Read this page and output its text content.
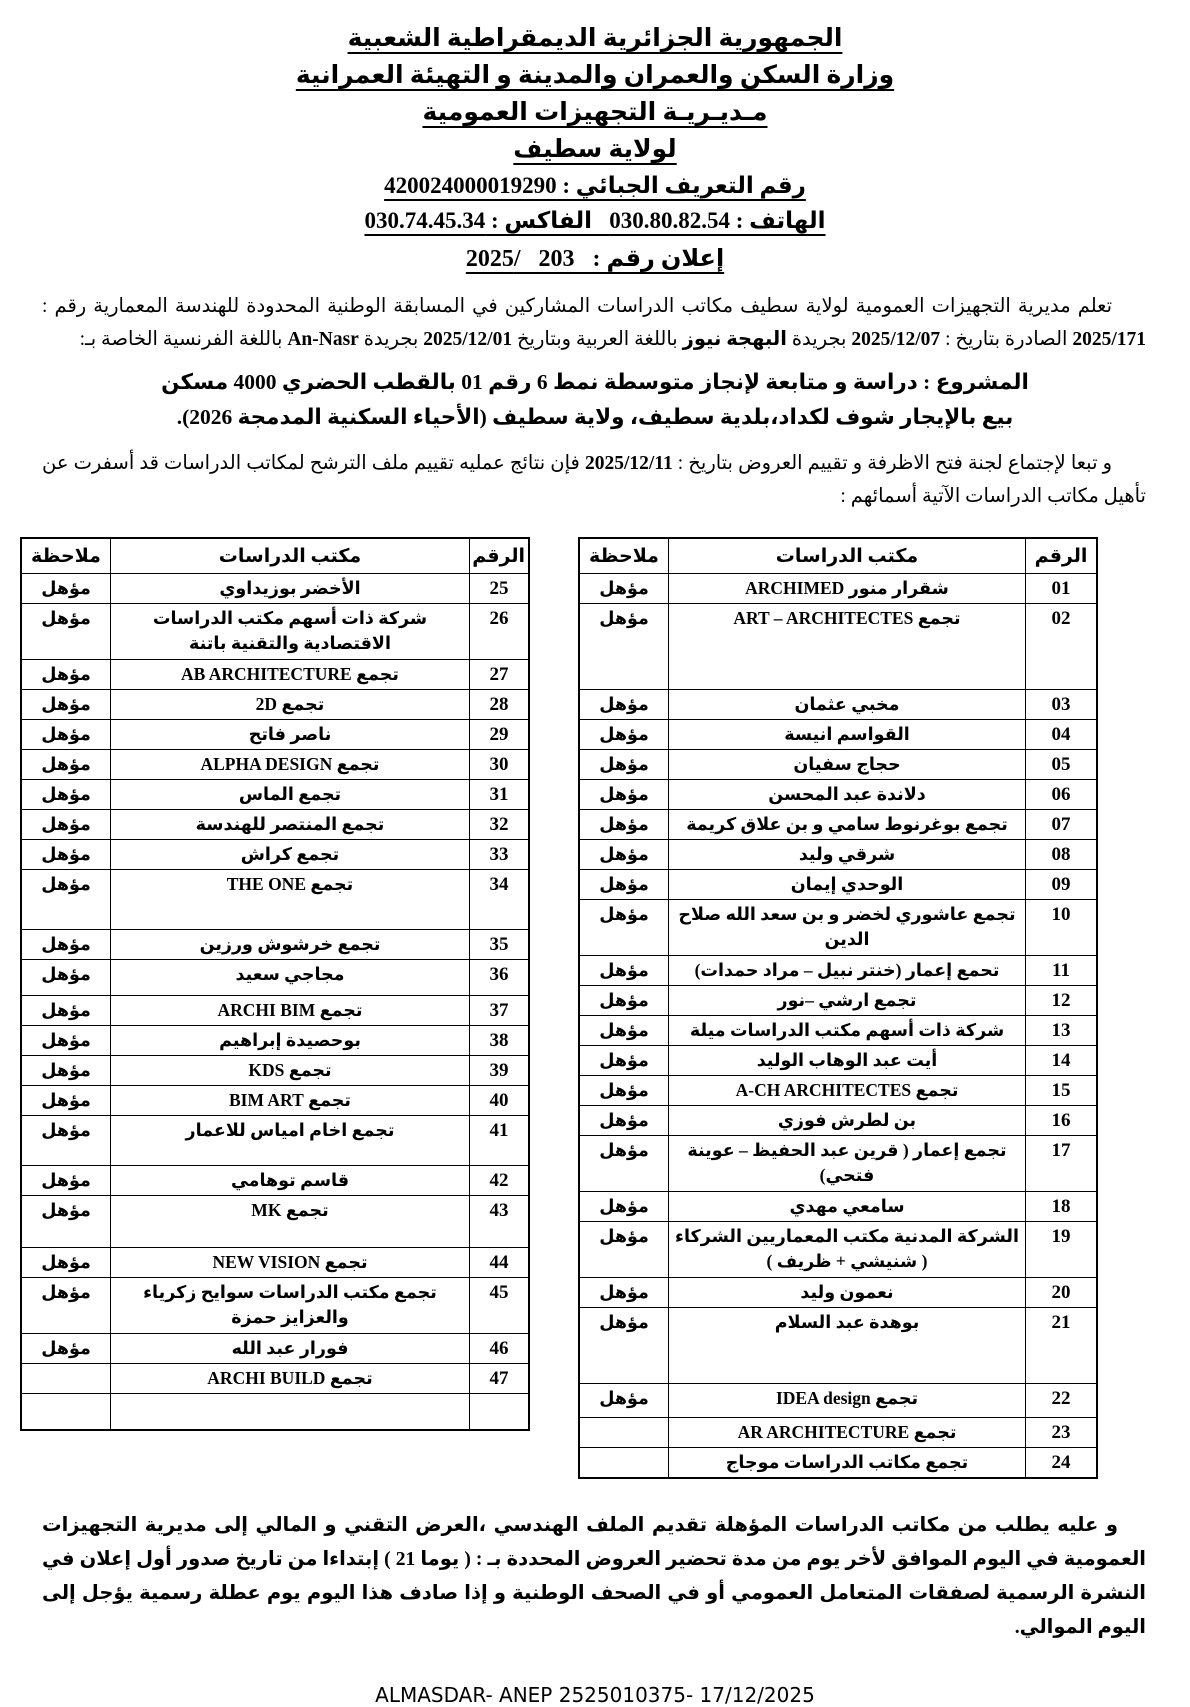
الجمهورية الجزائرية الديمقراطية الشعبية
وزارة السكن والعمران والمدينة و التهيئة العمرانية
مـديـريـة التجهيزات العمومية
لولاية سطيف
رقم التعريف الجبائي : 420024000019290
الهاتف : 030.80.82.54   الفاكس : 030.74.45.34
إعلان رقم :   203   /2025

تعلم مديرية التجهيزات العمومية لولاية سطيف مكاتب الدراسات المشاركين في المسابقة الوطنية المحدودة للهندسة المعمارية رقم : 2025/171 الصادرة بتاريخ : 2025/12/07 بجريدة البهجة نيوز باللغة العربية وبتاريخ 2025/12/01 بجريدة An-Nasr باللغة الفرنسية الخاصة بـ:

المشروع : دراسة و متابعة لإنجاز متوسطة نمط 6 رقم 01 بالقطب الحضري 4000 مسكن
بيع بالإيجار شوف لكداد،بلدية سطيف، ولاية سطيف (الأحياء السكنية المدمجة 2026).

و تبعا لإجتماع لجنة فتح الاظرفة و تقييم العروض بتاريخ : 2025/12/11 فإن نتائج عمليه تقييم ملف الترشح لمكاتب الدراسات قد أسفرت عن تأهيل مكاتب الدراسات الآتية أسمائهم :

الرقم	مكتب الدراسات	ملاحظة
01	شقرار منور ARCHIMED	مؤهل
02	تجمع ART – ARCHITECTES	مؤهل
03	مخبي عثمان	مؤهل
04	القواسم انيسة	مؤهل
05	حجاج سفيان	مؤهل
06	دلاندة عبد المحسن	مؤهل
07	تجمع بوغرنوط سامي و بن علاق كريمة	مؤهل
08	شرقي وليد	مؤهل
09	الوحدي إيمان	مؤهل
10	تجمع عاشوري لخضر و بن سعد الله صلاح الدين	مؤهل
11	تحمع إعمار (خنتر نبيل – مراد حمدات)	مؤهل
12	تجمع ارشي –نور	مؤهل
13	شركة ذات أسهم مكتب الدراسات ميلة	مؤهل
14	أيت عبد الوهاب الوليد	مؤهل
15	تجمع A-CH ARCHITECTES	مؤهل
16	بن لطرش فوزي	مؤهل
17	تجمع إعمار ( قرين عبد الحفيظ – عوينة فتحي)	مؤهل
18	سامعي مهدي	مؤهل
19	الشركة المدنية مكتب المعماريين الشركاء ( شنيشي + ظريف )	مؤهل
20	نعمون وليد	مؤهل
21	بوهدة عبد السلام	مؤهل
22	تجمع IDEA design	مؤهل
23	تجمع AR ARCHITECTURE	
24	تجمع مكاتب الدراسات موجاج	
الرقم	مكتب الدراسات	ملاحظة
25	الأخضر بوزيداوي	مؤهل
26	شركة ذات أسهم مكتب الدراسات الاقتصادية والتقنية باتنة	مؤهل
27	تجمع AB ARCHITECTURE	مؤهل
28	تجمع 2D	مؤهل
29	ناصر فاتح	مؤهل
30	تجمع ALPHA DESIGN	مؤهل
31	تجمع الماس	مؤهل
32	تجمع المنتصر للهندسة	مؤهل
33	تجمع كراش	مؤهل
34	تجمع THE ONE	مؤهل
35	تجمع خرشوش ورزين	مؤهل
36	مجاجي سعيد	مؤهل
37	تجمع ARCHI BIM	مؤهل
38	بوحصيدة إبراهيم	مؤهل
39	تجمع KDS	مؤهل
40	تجمع BIM ART	مؤهل
41	تجمع اخام امياس للاعمار	مؤهل
42	قاسم توهامي	مؤهل
43	تجمع MK	مؤهل
44	تجمع NEW VISION	مؤهل
45	تجمع مكتب الدراسات سوايح زكرياء والعزايز حمزة	مؤهل
46	فورار عبد الله	مؤهل
47	تجمع ARCHI BUILD	

و عليه يطلب من مكاتب الدراسات المؤهلة تقديم الملف الهندسي ،العرض التقني و المالي إلى مديرية التجهيزات العمومية في اليوم الموافق لأخر يوم من مدة تحضير العروض المحددة بـ : ( 21 يوما ) إبتداءا من تاريخ صدور أول إعلان في النشرة الرسمية لصفقات المتعامل العمومي أو في الصحف الوطنية و إذا صادف هذا اليوم يوم عطلة رسمية يؤجل إلى اليوم الموالي.

ALMASDAR- ANEP 2525010375- 17/12/2025
